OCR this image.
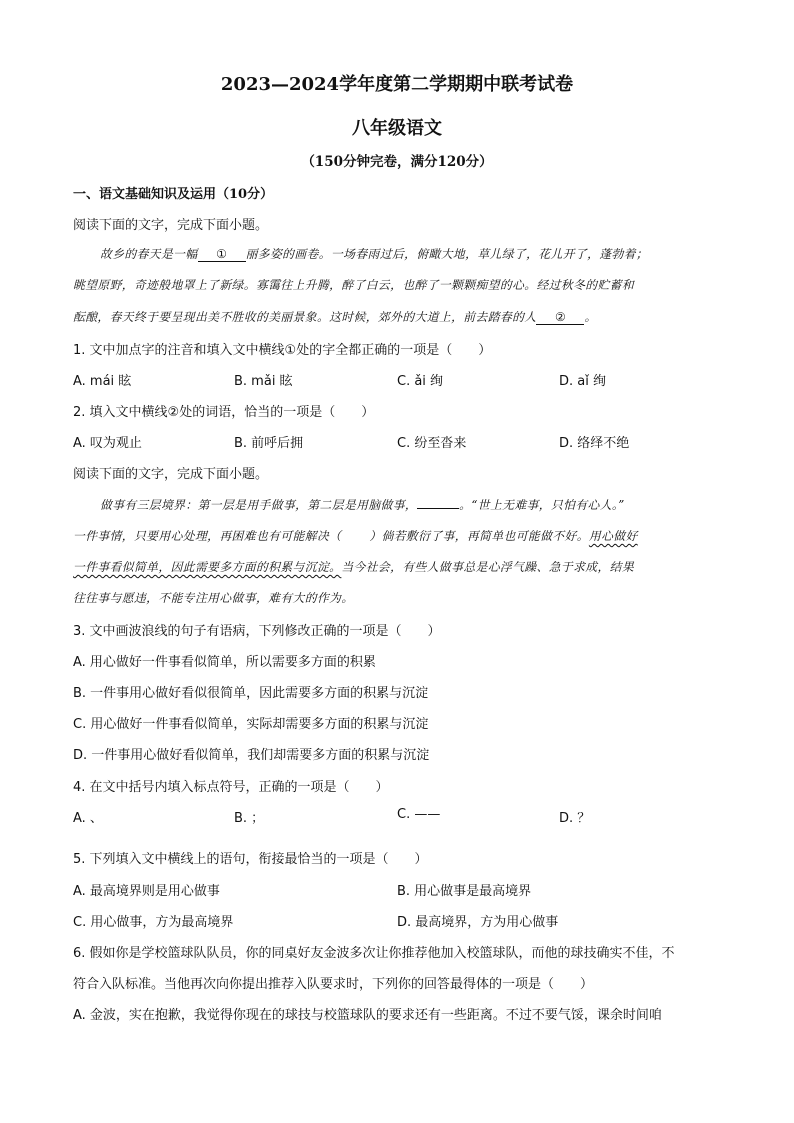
2023—2024学年度第二学期期中联考试卷
八年级语文
（150分钟完卷，满分120分）
一、语文基础知识及运用（10分）
阅读下面的文字，完成下面小题。
故乡的春天是一幅 ① 丽多姿的画卷。一场春雨过后，俯瞰大地，草儿绿了，花儿开了，蓬勃着；
眺望原野，奇迹般地罩上了新绿。寡霭往上升腾，醉了白云，也醉了一颗颗痴望的心。经过秋冬的贮蓄和
酝酿，春天终于要呈现出美不胜收的美丽景象。这时候，郊外的大道上，前去踏春的人 ② 。
1. 文中加点字的注音和填入文中横线①处的字全都正确的一项是（　　）
A. mái 眩	B. mǎi 眩	C. ǎi 绚	D. aǐ 绚
2. 填入文中横线②处的词语，恰当的一项是（　　）
A. 叹为观止	B. 前呼后拥	C. 纷至沓来	D. 络绎不绝
阅读下面的文字，完成下面小题。
做事有三层境界：第一层是用手做事，第二层是用脑做事，	。“世上无难事，只怕有心人。”
一件事情，只要用心处理，再困难也有可能解决（ ）倘若敷衍了事，再简单也可能做不好。用心做好
一件事看似简单，因此需要多方面的积累与沉淀。当今社会，有些人做事总是心浮气躁、急于求成，结果
往往事与愿违，不能专注用心做事，难有大的作为。
3. 文中画波浪线的句子有语病，下列修改正确的一项是（　　）
A. 用心做好一件事看似简单，所以需要多方面的积累
B. 一件事用心做好看似很简单，因此需要多方面的积累与沉淀
C. 用心做好一件事看似简单，实际却需要多方面的积累与沉淀
D. 一件事用心做好看似简单，我们却需要多方面的积累与沉淀
4. 在文中括号内填入标点符号，正确的一项是（　　）
A. 、	B. ；	C. ——	D. ？
5. 下列填入文中横线上的语句，衔接最恰当的一项是（　　）
A. 最高境界则是用心做事	B. 用心做事是最高境界
C. 用心做事，方为最高境界	D. 最高境界，方为用心做事
6. 假如你是学校篮球队队员，你的同桌好友金波多次让你推荐他加入校篮球队，而他的球技确实不佳，不
符合入队标准。当他再次向你提出推荐入队要求时，下列你的回答最得体的一项是（　　）
A. 金波，实在抱歉，我觉得你现在的球技与校篮球队的要求还有一些距离。不过不要气馁，课余时间咱
